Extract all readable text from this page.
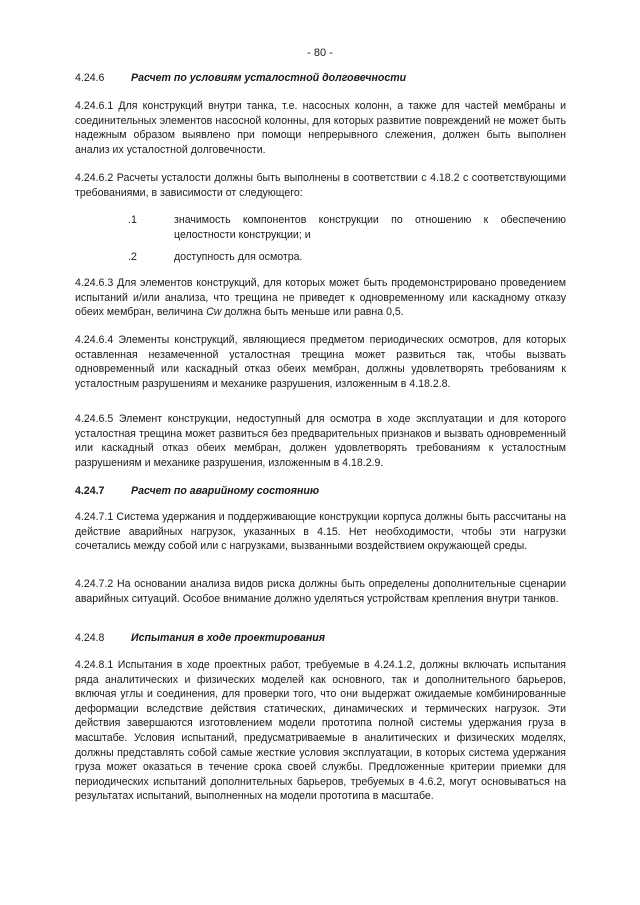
- 80 -

4.24.6	Расчет по условиям усталостной долговечности

4.24.6.1 Для конструкций внутри танка, т.е. насосных колонн, а также для частей мембраны и соединительных элементов насосной колонны, для которых развитие повреждений не может быть надежным образом выявлено при помощи непрерывного слежения, должен быть выполнен анализ их усталостной долговечности.

4.24.6.2 Расчеты усталости должны быть выполнены в соответствии с 4.18.2 с соответствующими требованиями, в зависимости от следующего:

.1	значимость компонентов конструкции по отношению к обеспечению целостности конструкции; и
.2	доступность для осмотра.

4.24.6.3 Для элементов конструкций, для которых может быть продемонстрировано проведением испытаний и/или анализа, что трещина не приведет к одновременному или каскадному отказу обеих мембран, величина Cw должна быть меньше или равна 0,5.

4.24.6.4 Элементы конструкций, являющиеся предметом периодических осмотров, для которых оставленная незамеченной усталостная трещина может развиться так, чтобы вызвать одновременный или каскадный отказ обеих мембран, должны удовлетворять требованиям к усталостным разрушениям и механике разрушения, изложенным в 4.18.2.8.

4.24.6.5 Элемент конструкции, недоступный для осмотра в ходе эксплуатации и для которого усталостная трещина может развиться без предварительных признаков и вызвать одновременный или каскадный отказ обеих мембран, должен удовлетворять требованиям к усталостным разрушениям и механике разрушения, изложенным в 4.18.2.9.

4.24.7	Расчет по аварийному состоянию

4.24.7.1 Система удержания и поддерживающие конструкции корпуса должны быть рассчитаны на действие аварийных нагрузок, указанных в 4.15. Нет необходимости, чтобы эти нагрузки сочетались между собой или с нагрузками, вызванными воздействием окружающей среды.

4.24.7.2 На основании анализа видов риска должны быть определены дополнительные сценарии аварийных ситуаций. Особое внимание должно уделяться устройствам крепления внутри танков.

4.24.8	Испытания в ходе проектирования

4.24.8.1 Испытания в ходе проектных работ, требуемые в 4.24.1.2, должны включать испытания ряда аналитических и физических моделей как основного, так и дополнительного барьеров, включая углы и соединения, для проверки того, что они выдержат ожидаемые комбинированные деформации вследствие действия статических, динамических и термических нагрузок. Эти действия завершаются изготовлением модели прототипа полной системы удержания груза в масштабе. Условия испытаний, предусматриваемые в аналитических и физических моделях, должны представлять собой самые жесткие условия эксплуатации, в которых система удержания груза может оказаться в течение срока своей службы. Предложенные критерии приемки для периодических испытаний дополнительных барьеров, требуемых в 4.6.2, могут основываться на результатах испытаний, выполненных на модели прототипа в масштабе.
